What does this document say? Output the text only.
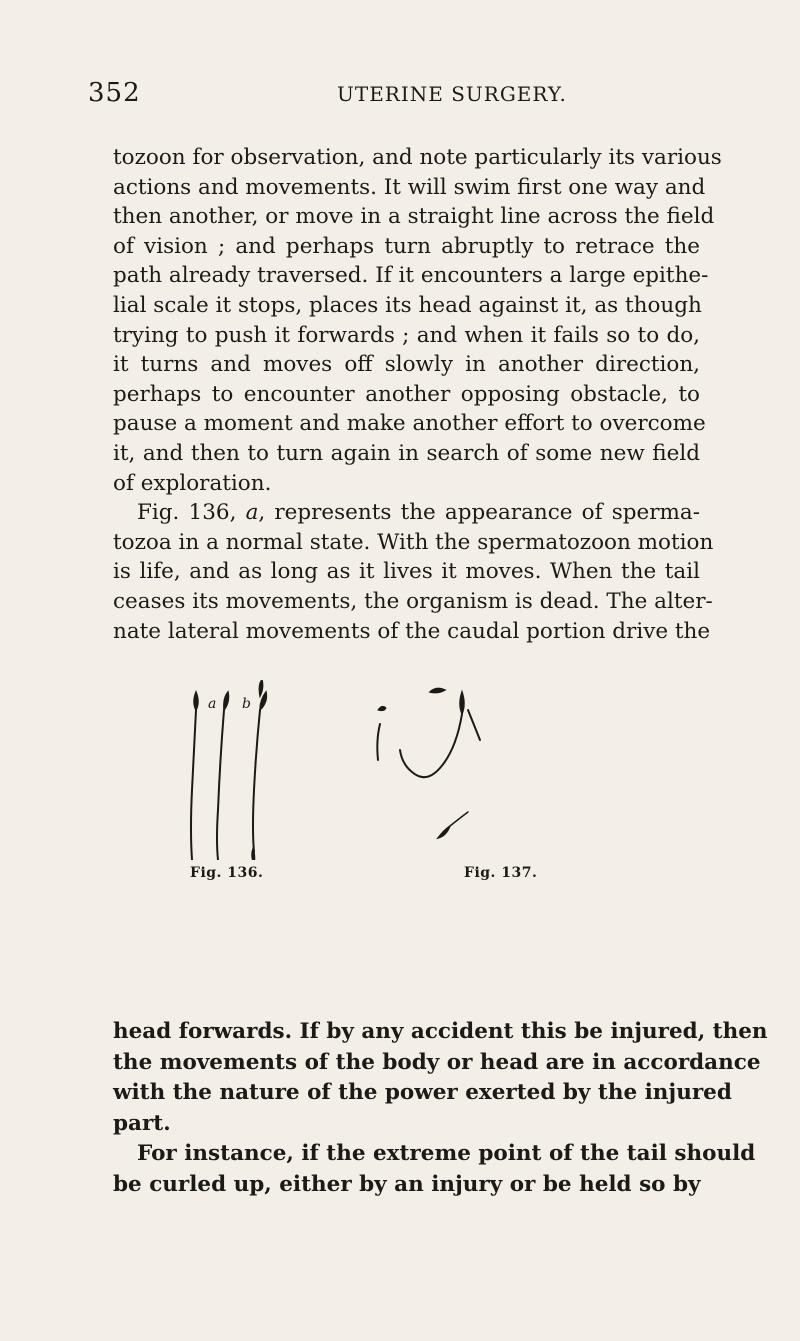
352	UTERINE SURGERY.
tozoon for observation, and note particularly its various
actions and movements. It will swim first one way and
then another, or move in a straight line across the field
of vision ; and perhaps turn abruptly to retrace the
path already traversed. If it encounters a large epithe-
lial scale it stops, places its head against it, as though
trying to push it forwards ; and when it fails so to do,
it turns and moves off slowly in another direction,
perhaps to encounter another opposing obstacle, to
pause a moment and make another effort to overcome
it, and then to turn again in search of some new field
of exploration.
Fig. 136, a, represents the appearance of sperma-
tozoa in a normal state. With the spermatozoon motion
is life, and as long as it lives it moves. When the tail
ceases its movements, the organism is dead. The alter-
nate lateral movements of the caudal portion drive the
a b
Fig. 136.	Fig. 137.
head forwards. If by any accident this be injured, then
the movements of the body or head are in accordance
with the nature of the power exerted by the injured
part.
For instance, if the extreme point of the tail should
be curled up, either by an injury or be held so by
